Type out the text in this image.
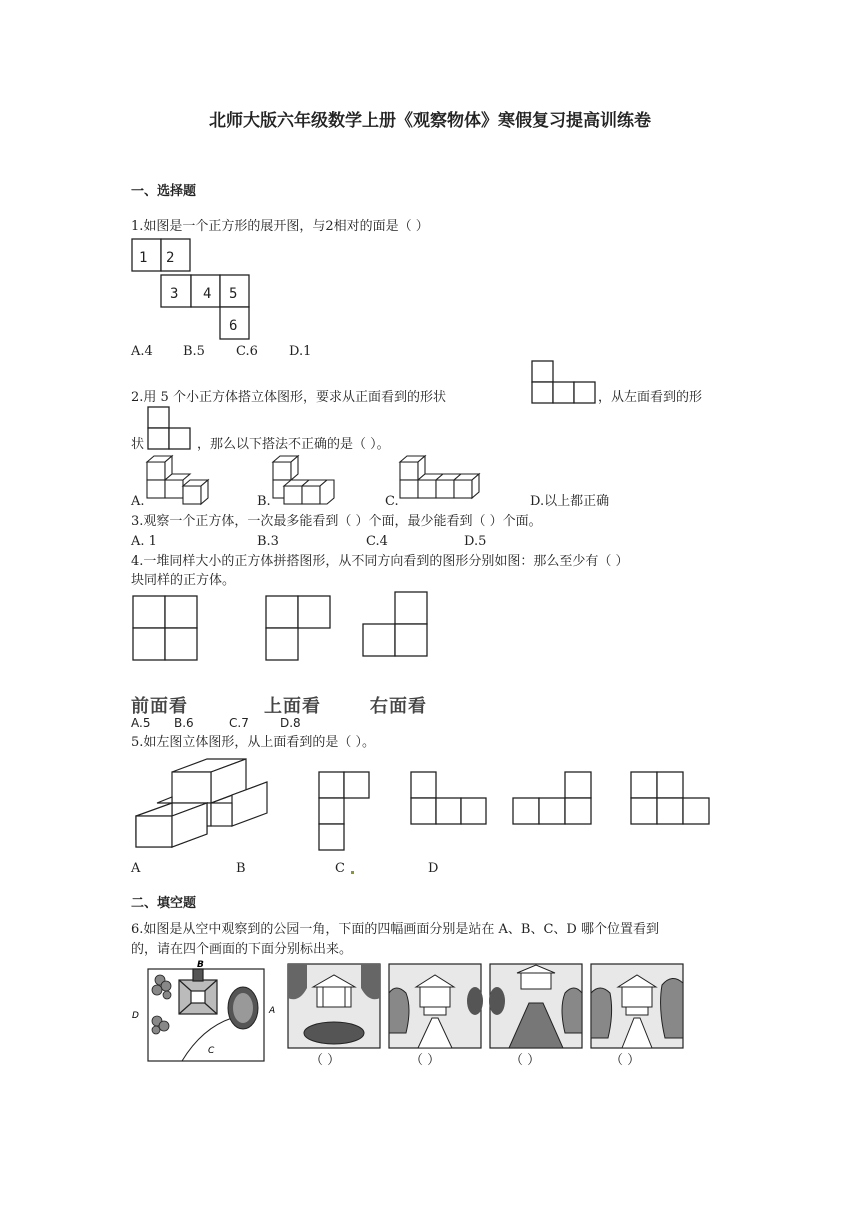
北师大版六年级数学上册《观察物体》寒假复习提高训练卷
一、选择题
1.如图是一个正方形的展开图，与2相对的面是（ ）
1 2
3 4 5
6
A.4 B.5 C.6 D.1
2.用 5 个小正方体搭立体图形，要求从正面看到的形状	，从左面看到的形
状	，那么以下搭法不正确的是（ ）。
A.	B.	C.	D.以上都正确
3.观察一个正方体，一次最多能看到（ ）个面，最少能看到（ ）个面。
A. 1	B.3	C.4	D.5
4.一堆同样大小的正方体拼搭图形，从不同方向看到的图形分别如图：那么至少有（ ）
块同样的正方体。
前面看	上面看	右面看
A.5 B.6	C.7	D.8
5.如左图立体图形，从上面看到的是（ ）。
A	B	C	D
二、填空题
6.如图是从空中观察到的公园一角，下面的四幅画面分别是站在 A、B、C、D 哪个位置看到
的，请在四个画面的下面分别标出来。
B
A
C
D
（ ）	（ ）	（ ）	（ ）
